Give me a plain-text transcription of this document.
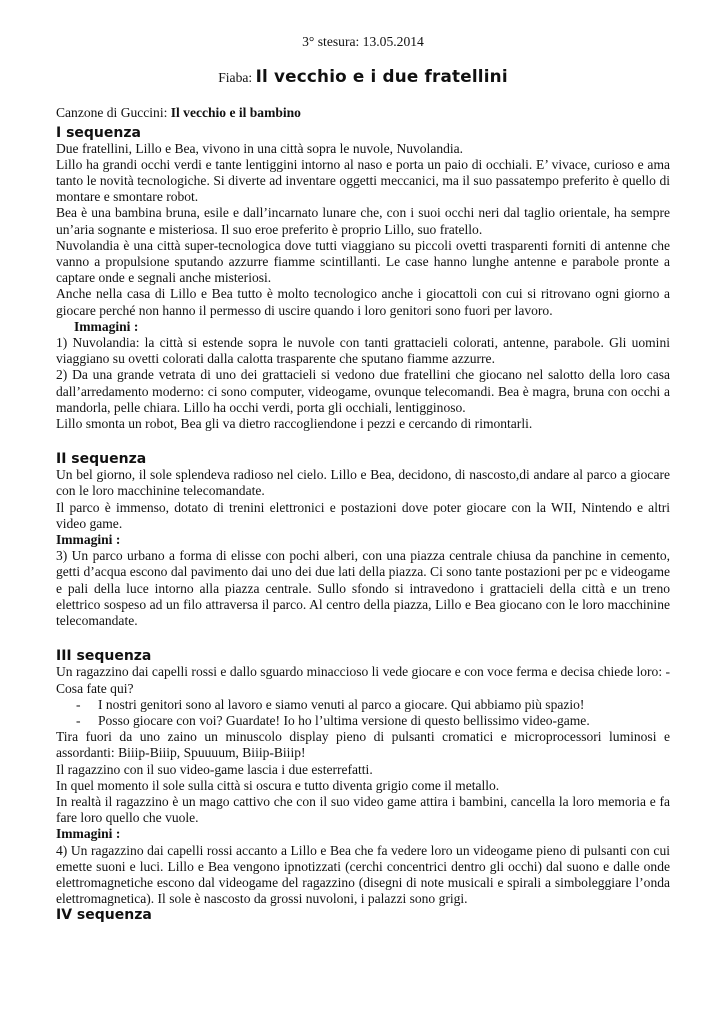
3° stesura: 13.05.2014

Fiaba: Il vecchio e i due fratellini

Canzone di Guccini: Il vecchio e il bambino

I sequenza

Due fratellini, Lillo e Bea, vivono in una città sopra le nuvole, Nuvolandia.

Lillo ha grandi occhi verdi e tante lentiggini intorno al naso e porta un paio di occhiali. E’ vivace, curioso e ama tanto le novità tecnologiche. Si diverte ad inventare oggetti meccanici, ma il suo passatempo preferito è quello di montare e smontare robot.

Bea è una bambina bruna, esile e dall’incarnato lunare che, con i suoi occhi neri dal taglio orientale, ha sempre un’aria sognante e misteriosa. Il suo eroe preferito è proprio Lillo, suo fratello.

Nuvolandia è una città super-tecnologica dove tutti viaggiano su piccoli ovetti trasparenti forniti di antenne che vanno a propulsione sputando azzurre fiamme scintillanti. Le case hanno lunghe antenne e parabole pronte a captare onde e segnali anche misteriosi.

Anche nella casa di Lillo e Bea tutto è molto tecnologico anche i giocattoli con cui si ritrovano ogni giorno a giocare perché non hanno il permesso di uscire quando i loro genitori sono fuori per lavoro.

Immagini :

1) Nuvolandia: la città si estende sopra le nuvole con tanti grattacieli colorati, antenne, parabole. Gli uomini viaggiano su ovetti colorati dalla calotta trasparente che sputano fiamme azzurre.

2) Da una grande vetrata di uno dei grattacieli si vedono due fratellini che giocano nel salotto della loro casa dall’arredamento moderno: ci sono computer, videogame, ovunque telecomandi. Bea è magra, bruna con occhi a mandorla, pelle chiara. Lillo ha occhi verdi, porta gli occhiali, lentigginoso.

Lillo smonta un robot, Bea gli va dietro raccogliendone i pezzi e cercando di rimontarli.

II sequenza

Un bel giorno, il sole splendeva radioso nel cielo. Lillo e Bea, decidono, di nascosto,di andare al parco a giocare con le loro macchinine telecomandate.

Il parco è immenso, dotato di trenini elettronici e postazioni dove poter giocare con la WII, Nintendo e altri video game.

Immagini :

3) Un parco urbano a forma di elisse con pochi alberi, con una piazza centrale chiusa da panchine in cemento, getti d’acqua escono dal pavimento dai uno dei due lati della piazza. Ci sono tante postazioni per pc e videogame e pali della luce intorno alla piazza centrale. Sullo sfondo si intravedono i grattacieli della città e un treno elettrico sospeso ad un filo attraversa il parco. Al centro della piazza, Lillo e Bea giocano con le loro macchinine telecomandate.

III sequenza

Un ragazzino dai capelli rossi e dallo sguardo minaccioso li vede giocare e con voce ferma e decisa chiede loro: - Cosa fate qui?

-	I nostri genitori sono al lavoro e siamo venuti al parco a giocare. Qui abbiamo più spazio!
-	Posso giocare con voi? Guardate! Io ho l’ultima versione di questo bellissimo video-game.

Tira fuori da uno zaino un minuscolo display pieno di pulsanti cromatici e microprocessori luminosi e assordanti: Biiip-Biiip, Spuuuum, Biiip-Biiip!

Il ragazzino con il suo video-game lascia i due esterrefatti.

In quel momento il sole sulla città si oscura e tutto diventa grigio come il metallo.

In realtà il ragazzino è un mago cattivo che con il suo video game attira i bambini, cancella la loro memoria e fa fare loro quello che vuole.

Immagini :

4) Un ragazzino dai capelli rossi accanto a Lillo e Bea che fa vedere loro un videogame pieno di pulsanti con cui emette suoni e luci. Lillo e Bea vengono ipnotizzati (cerchi concentrici dentro gli occhi) dal suono e dalle onde elettromagnetiche escono dal videogame del ragazzino (disegni di note musicali e spirali a simboleggiare l’onda elettromagnetica). Il sole è nascosto da grossi nuvoloni, i palazzi sono grigi.

IV sequenza
